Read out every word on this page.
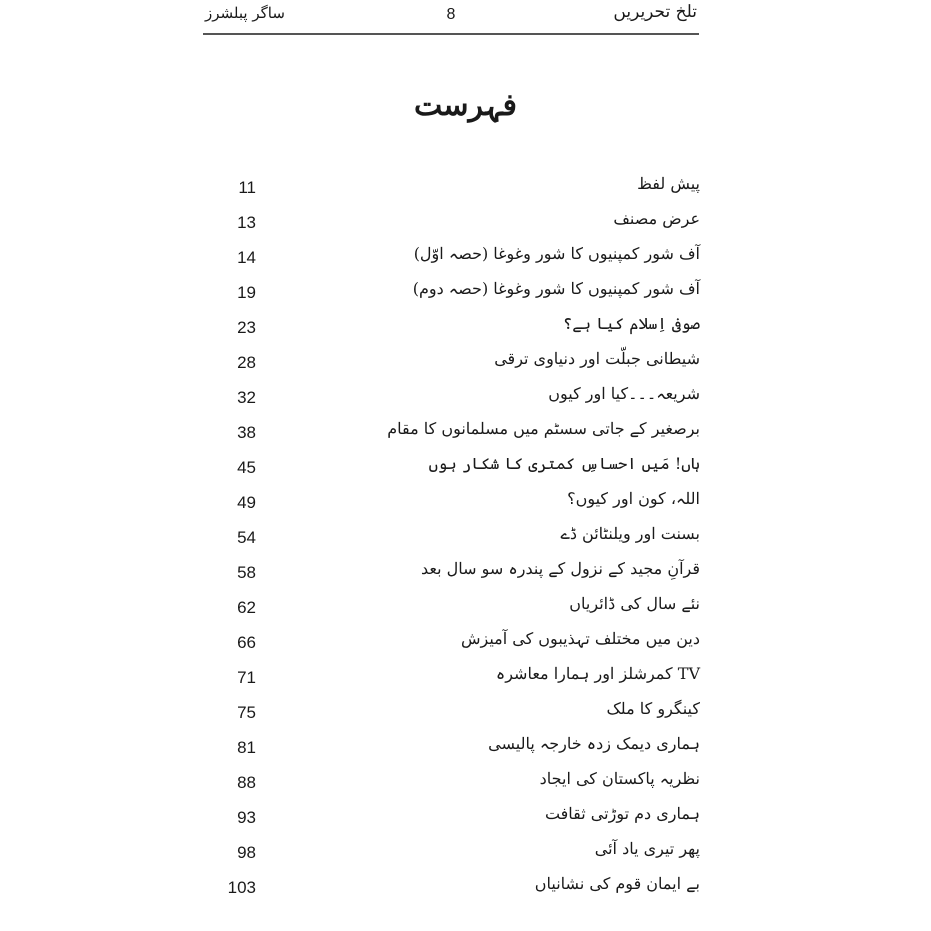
تلخ تحریریں
8
ساگر پبلشرز
فہرست
پیش لفظ
11
عرض مصنف
13
آف شور کمپنیوں کا شور وغوغا (حصہ اوّل)
14
آف شور کمپنیوں کا شور وغوغا (حصہ دوم)
19
صوفی اِسلام کیا ہے؟
23
شیطانی جبلّت اور دنیاوی ترقی
28
شریعہ۔۔۔کیا اور کیوں
32
برصغیر کے جاتی سسٹم میں مسلمانوں کا مقام
38
ہاں! مَیں احساسِ کمتری کا شکار ہوں
45
اللہ، کون اور کیوں؟
49
بسنت اور ویلنٹائن ڈے
54
قرآنِ مجید کے نزول کے پندرہ سو سال بعد
58
نئے سال کی ڈائریاں
62
دین میں مختلف تہذیبوں کی آمیزش
66
TV کمرشلز اور ہمارا معاشرہ
71
کینگرو کا ملک
75
ہماری دیمک زدہ خارجہ پالیسی
81
نظریہ پاکستان کی ایجاد
88
ہماری دم توڑتی ثقافت
93
پھر تیری یاد آئی
98
بے ایمان قوم کی نشانیاں
103
